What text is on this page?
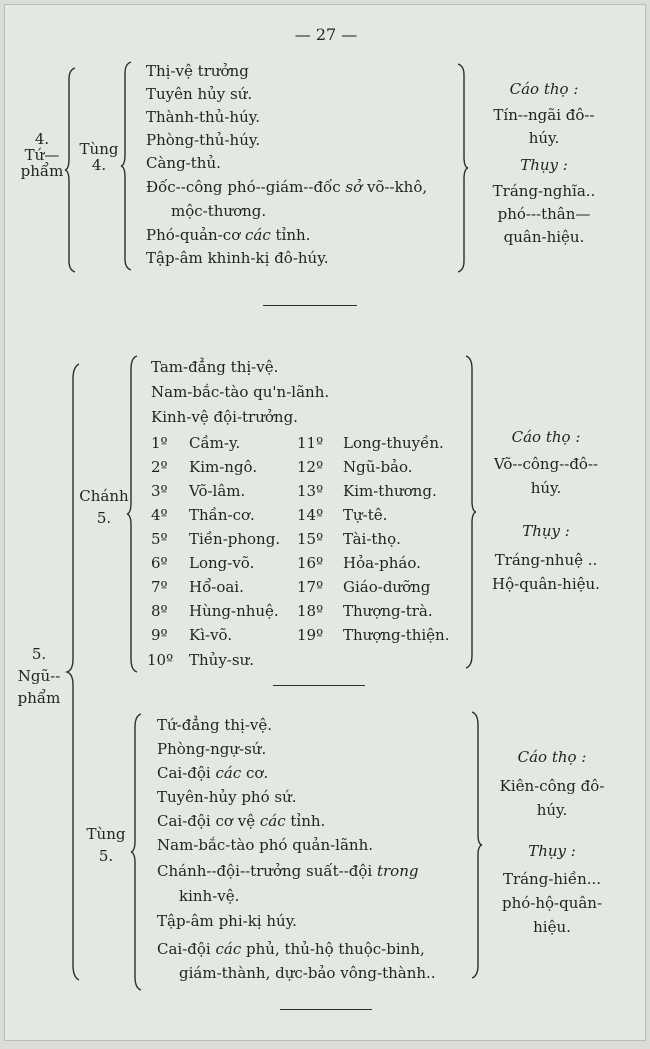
— 27 —
4.
Tứ—
phẩm
Tùng
4.
Thị-vệ trưởng
Tuyên hủy sứ.
Thành-thủ-húy.
Phòng-thủ-húy.
Càng-thủ.
Đốc--công phó--giám--đốc sở võ--khô,
mộc-thương.
Phó-quản-cơ các tỉnh.
Tập-âm khinh-kị đô-húy.
Cáo thọ :
Tín--ngãi đô--
húy.
Thụy :
Tráng-nghĩa..
phó---thân—
quân-hiệu.
5.
Ngũ--
phẩm
Chánh
5.
Tam-đẳng thị-vệ.
Nam-bắc-tào qu'n-lãnh.
Kinh-vệ đội-trưởng.
1º Cầm-y.
2º Kim-ngô.
3º Võ-lâm.
4º Thần-cơ.
5º Tiền-phong.
6º Long-võ.
7º Hổ-oai.
8º Hùng-nhuệ.
9º Kì-võ.
10º Thủy-sư.
11º Long-thuyền.
12º Ngũ-bảo.
13º Kim-thương.
14º Tự-tê.
15º Tài-thọ.
16º Hỏa-pháo.
17º Giáo-dưỡng
18º Thượng-trà.
19º Thượng-thiện.
Cáo thọ :
Võ--công--đô--
húy.
Thụy :
Tráng-nhuệ ..
Hộ-quân-hiệu.
Tùng
5.
Tứ-đẳng thị-vệ.
Phòng-ngự-sứ.
Cai-đội các cơ.
Tuyên-hủy phó sứ.
Cai-đội cơ vệ các tỉnh.
Nam-bắc-tào phó quản-lãnh.
Chánh--đội--trưởng suất--đội trong
kinh-vệ.
Tập-âm phi-kị húy.
Cai-đội các phủ, thủ-hộ thuộc-binh,
giám-thành, dực-bảo vông-thành..
Cáo thọ :
Kiên-công đô-
húy.
Thụy :
Tráng-hiền...
phó-hộ-quân-
hiệu.
